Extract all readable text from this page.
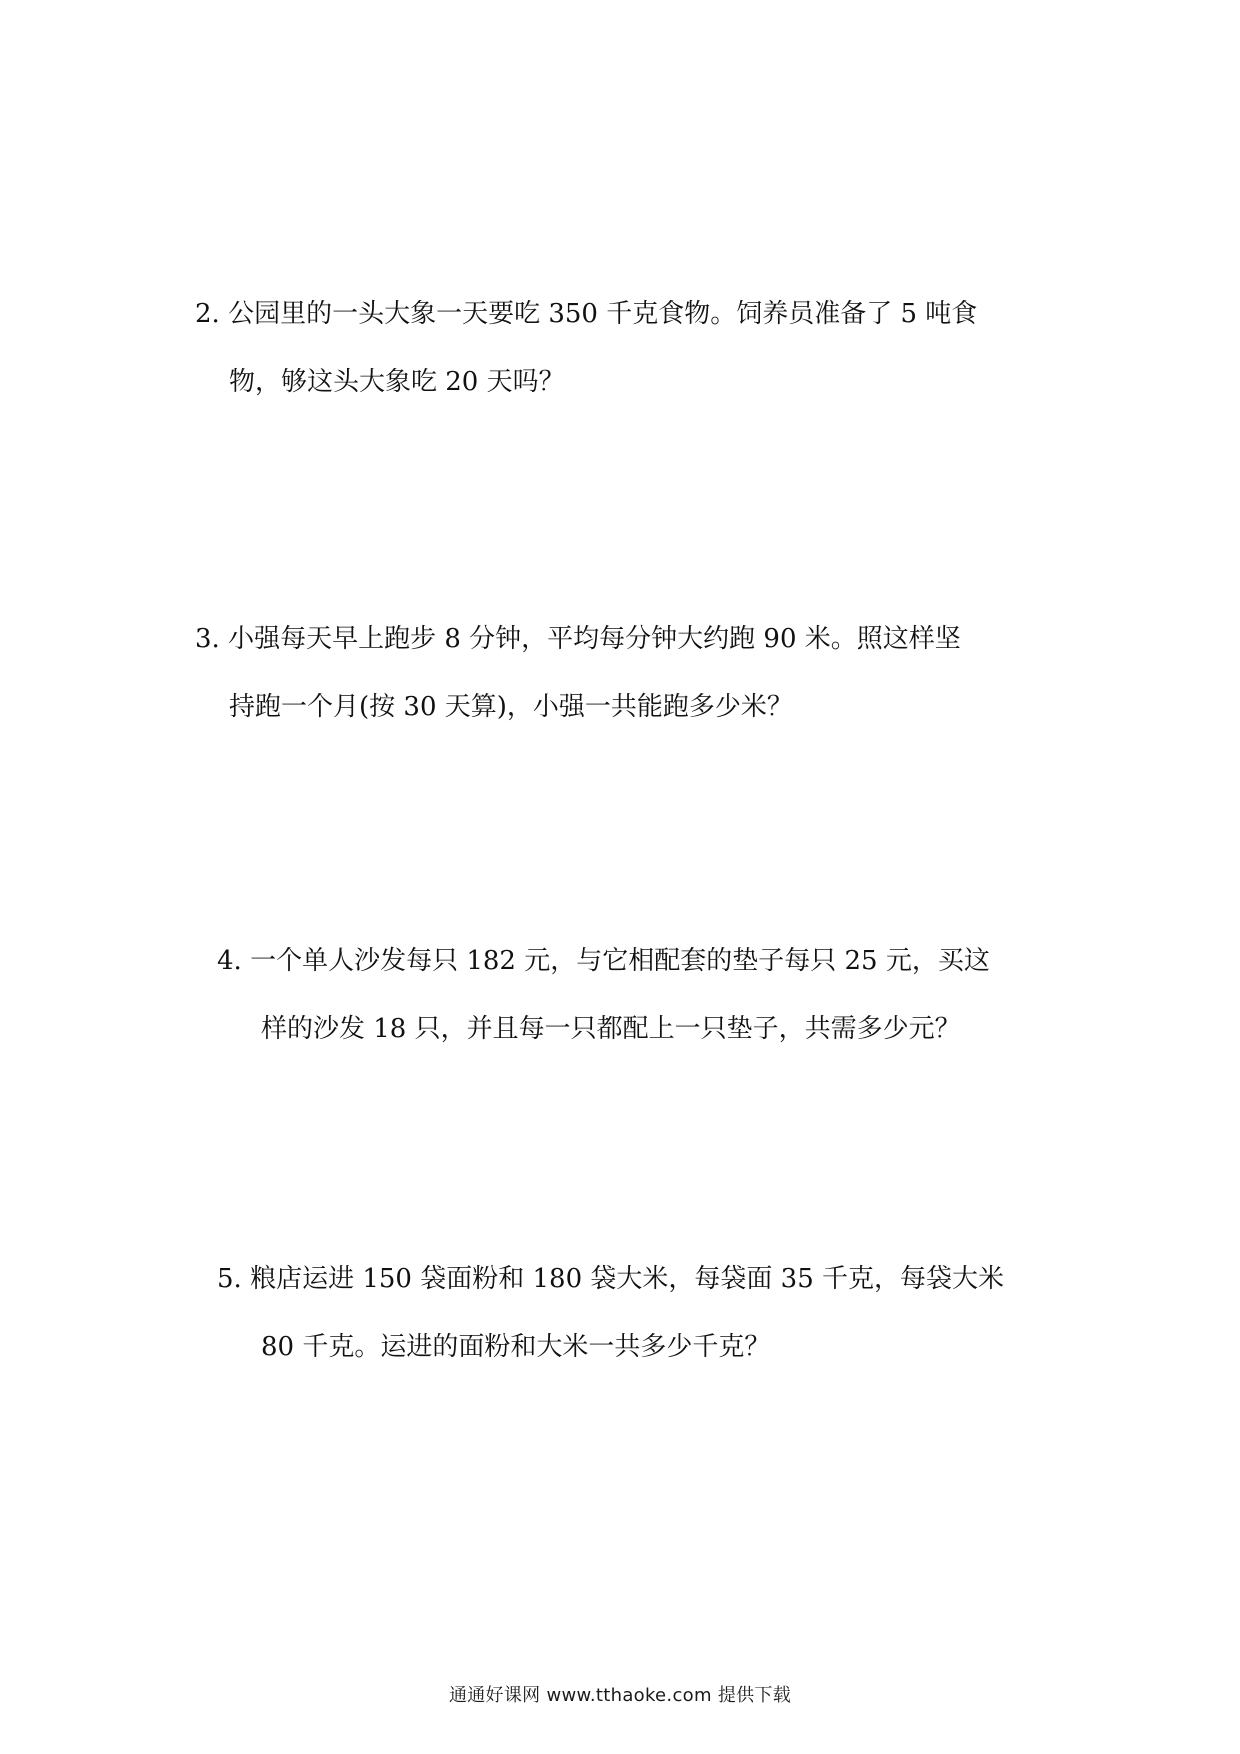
2. 公园里的一头大象一天要吃 350 千克食物。饲养员准备了 5 吨食
物，够这头大象吃 20 天吗？
3. 小强每天早上跑步 8 分钟，平均每分钟大约跑 90 米。照这样坚
持跑一个月(按 30 天算)，小强一共能跑多少米？
4. 一个单人沙发每只 182 元，与它相配套的垫子每只 25 元，买这
样的沙发 18 只，并且每一只都配上一只垫子，共需多少元？
5. 粮店运进 150 袋面粉和 180 袋大米，每袋面 35 千克，每袋大米
80 千克。运进的面粉和大米一共多少千克？
通通好课网 www.tthaoke.com 提供下载
